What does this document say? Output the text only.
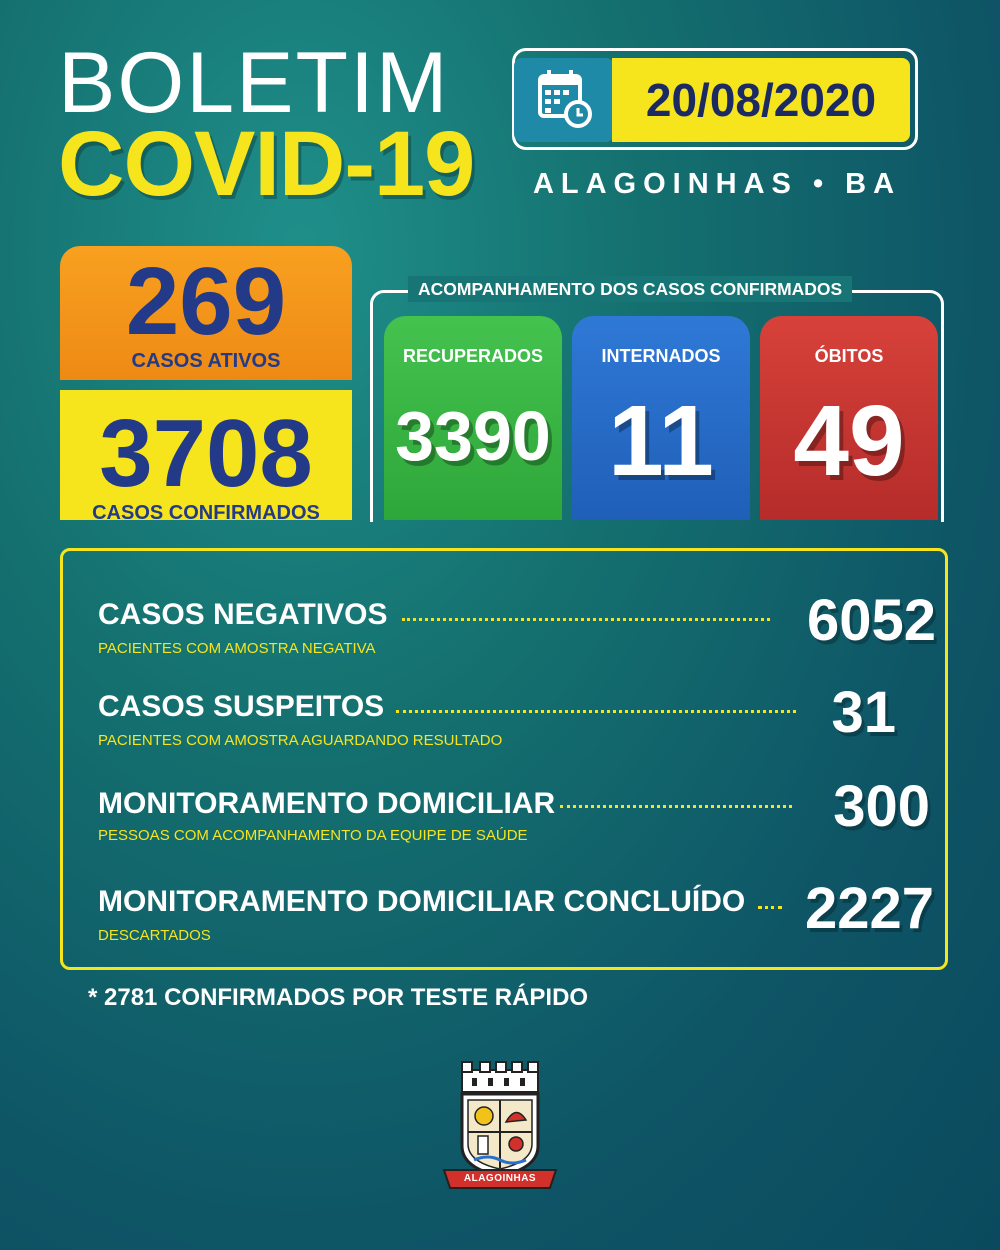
BOLETIM
COVID-19
20/08/2020
ALAGOINHAS • BA
269
CASOS ATIVOS
3708
CASOS CONFIRMADOS
ACOMPANHAMENTO DOS CASOS CONFIRMADOS
RECUPERADOS
3390
INTERNADOS
11
ÓBITOS
49
CASOS NEGATIVOS
PACIENTES COM AMOSTRA NEGATIVA	6052
CASOS SUSPEITOS
PACIENTES COM AMOSTRA AGUARDANDO RESULTADO	31
MONITORAMENTO DOMICILIAR
PESSOAS COM ACOMPANHAMENTO DA EQUIPE DE SAÚDE	300
MONITORAMENTO DOMICILIAR CONCLUÍDO
DESCARTADOS	2227
* 2781 CONFIRMADOS POR TESTE RÁPIDO
ALAGOINHAS
